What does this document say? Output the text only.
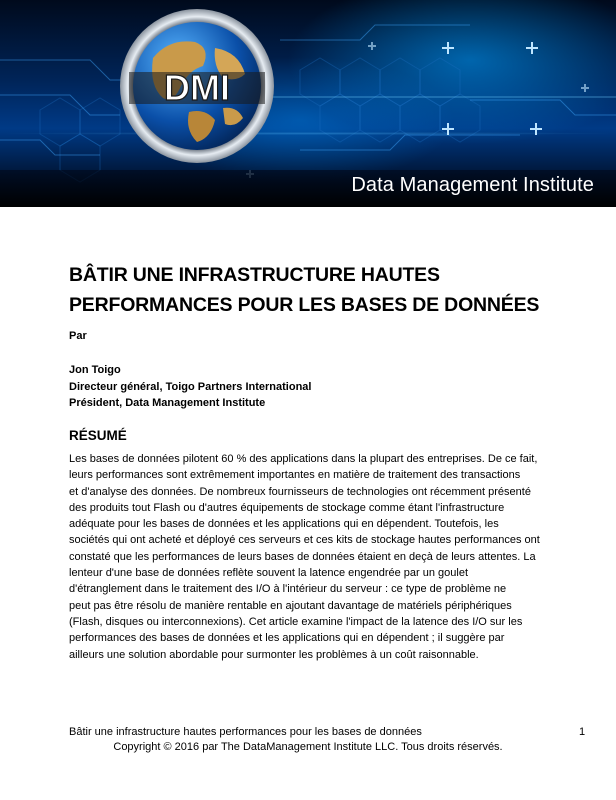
DMI
Data Management Institute
BÂTIR UNE INFRASTRUCTURE HAUTES
PERFORMANCES POUR LES BASES DE DONNÉES
Par
Jon Toigo
Directeur général, Toigo Partners International
Président, Data Management Institute
RÉSUMÉ
Les bases de données pilotent 60 % des applications dans la plupart des entreprises. De ce fait,
leurs performances sont extrêmement importantes en matière de traitement des transactions
et d'analyse des données. De nombreux fournisseurs de technologies ont récemment présenté
des produits tout Flash ou d'autres équipements de stockage comme étant l'infrastructure
adéquate pour les bases de données et les applications qui en dépendent. Toutefois, les
sociétés qui ont acheté et déployé ces serveurs et ces kits de stockage hautes performances ont
constaté que les performances de leurs bases de données étaient en deçà de leurs attentes. La
lenteur d'une base de données reflète souvent la latence engendrée par un goulet
d'étranglement dans le traitement des I/O à l'intérieur du serveur : ce type de problème ne
peut pas être résolu de manière rentable en ajoutant davantage de matériels périphériques
(Flash, disques ou interconnexions). Cet article examine l'impact de la latence des I/O sur les
performances des bases de données et les applications qui en dépendent ; il suggère par
ailleurs une solution abordable pour surmonter les problèmes à un coût raisonnable.
Bâtir une infrastructure hautes performances pour les bases de données	1
Copyright © 2016 par The DataManagement Institute LLC. Tous droits réservés.
